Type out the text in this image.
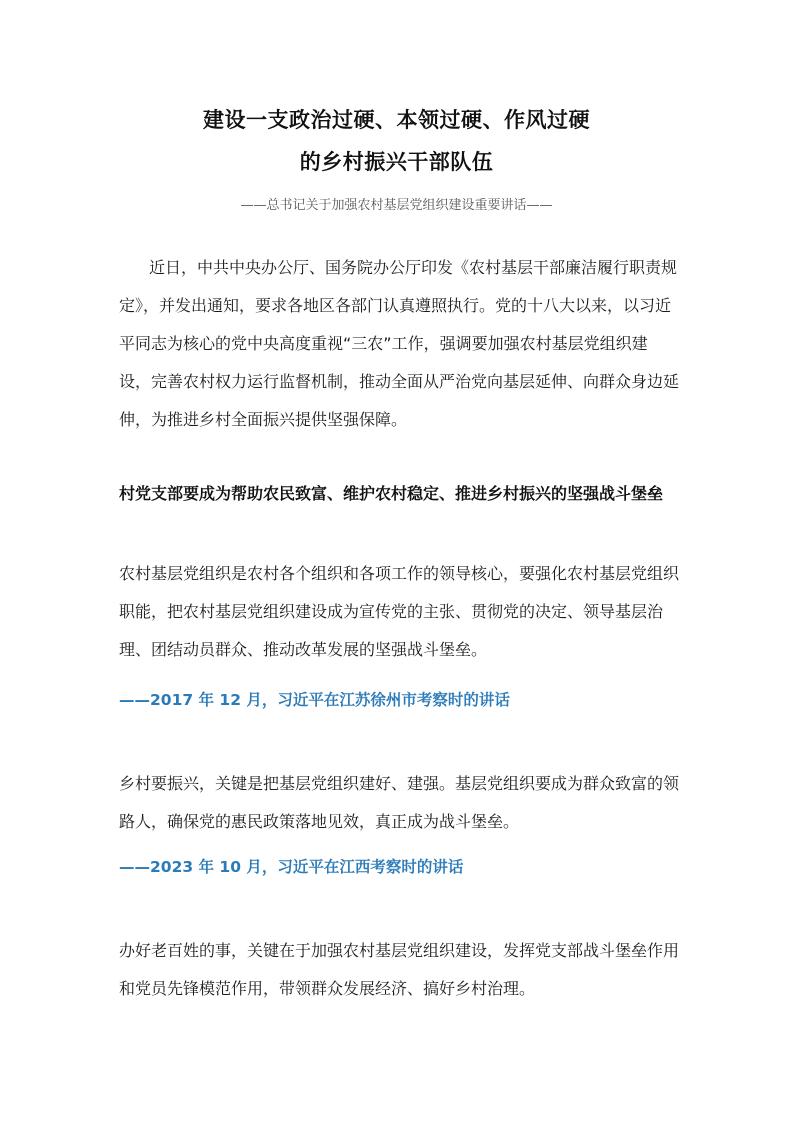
建设一支政治过硬、本领过硬、作风过硬
的乡村振兴干部队伍
——总书记关于加强农村基层党组织建设重要讲话——
近日，中共中央办公厅、国务院办公厅印发《农村基层干部廉洁履行职责规定》，并发出通知，要求各地区各部门认真遵照执行。党的十八大以来，以习近平同志为核心的党中央高度重视“三农”工作，强调要加强农村基层党组织建设，完善农村权力运行监督机制，推动全面从严治党向基层延伸、向群众身边延伸，为推进乡村全面振兴提供坚强保障。
村党支部要成为帮助农民致富、维护农村稳定、推进乡村振兴的坚强战斗堡垒
农村基层党组织是农村各个组织和各项工作的领导核心，要强化农村基层党组织职能，把农村基层党组织建设成为宣传党的主张、贯彻党的决定、领导基层治理、团结动员群众、推动改革发展的坚强战斗堡垒。
——2017 年 12 月，习近平在江苏徐州市考察时的讲话
乡村要振兴，关键是把基层党组织建好、建强。基层党组织要成为群众致富的领路人，确保党的惠民政策落地见效，真正成为战斗堡垒。
——2023 年 10 月，习近平在江西考察时的讲话
办好老百姓的事，关键在于加强农村基层党组织建设，发挥党支部战斗堡垒作用和党员先锋模范作用，带领群众发展经济、搞好乡村治理。
